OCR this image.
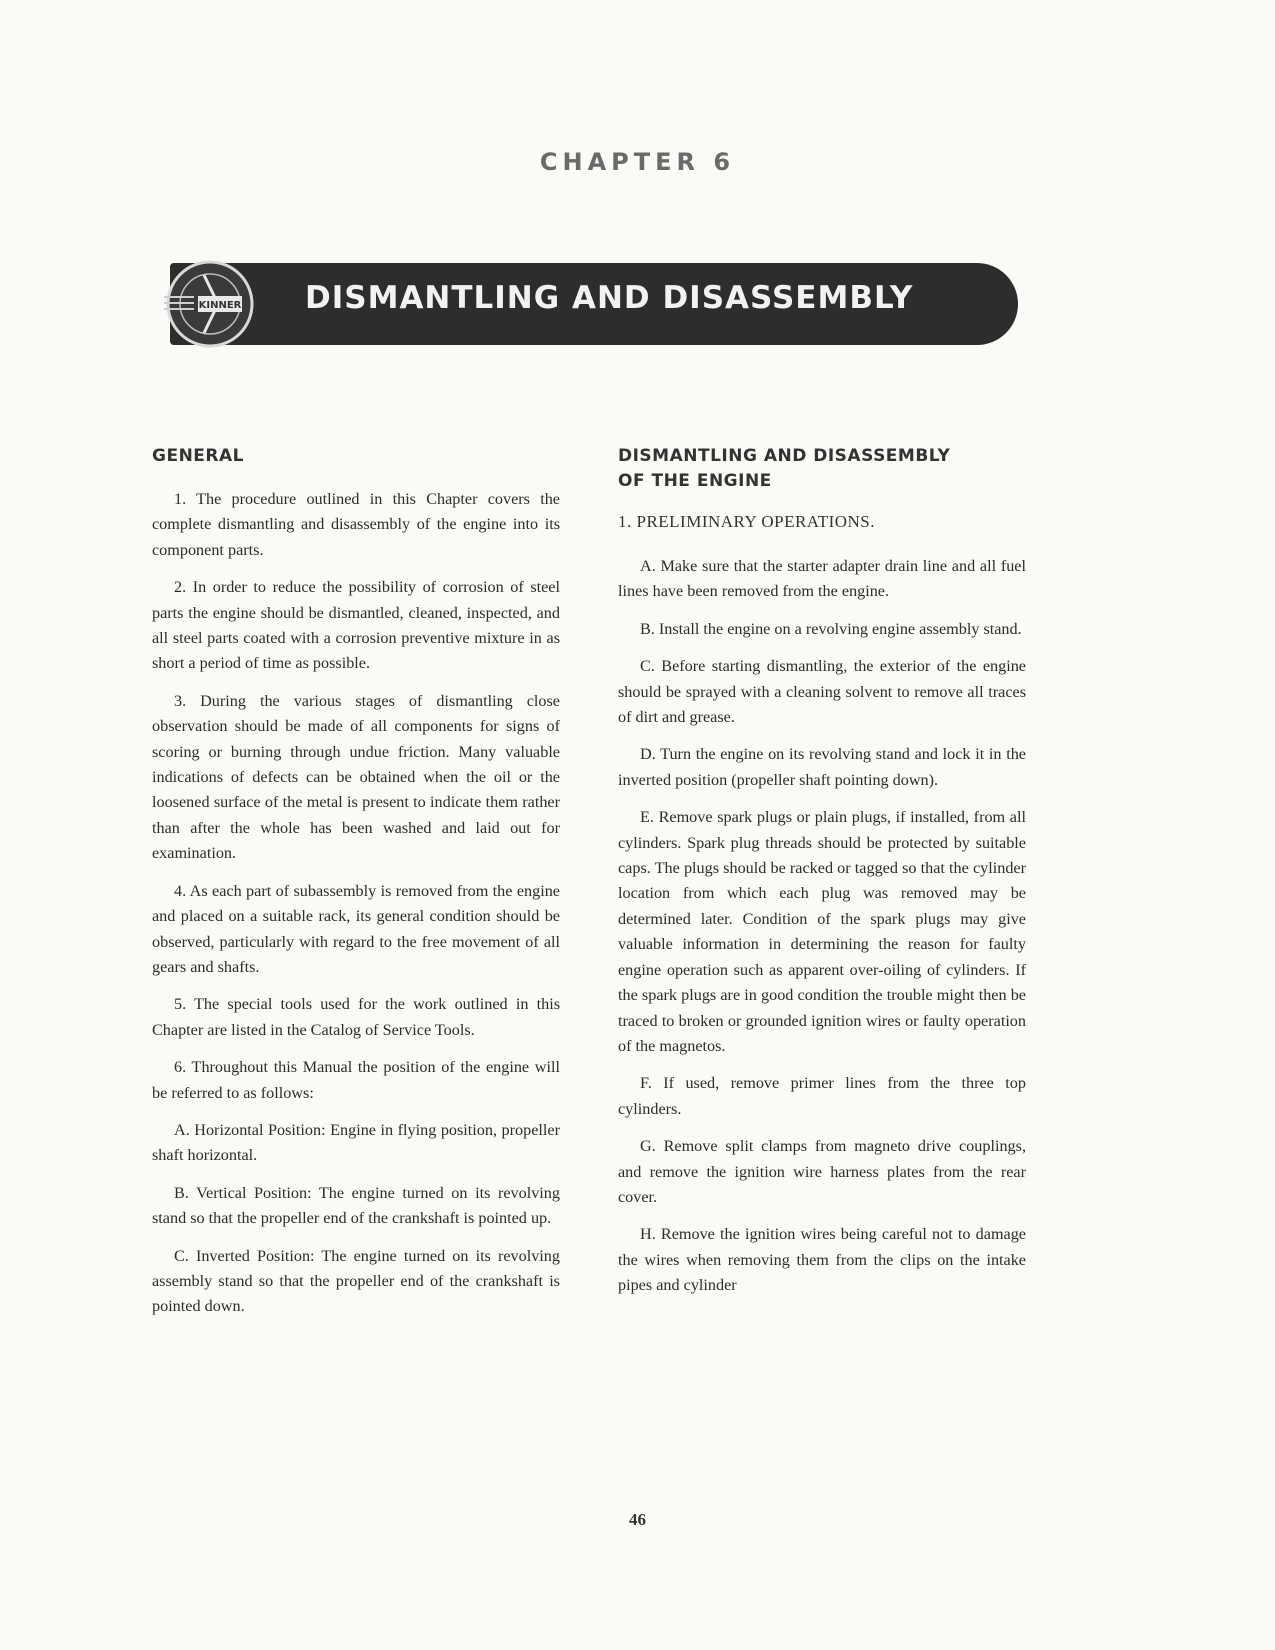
CHAPTER 6
KINNER DISMANTLING AND DISASSEMBLY
GENERAL

1. The procedure outlined in this Chapter covers the complete dismantling and disassembly of the engine into its component parts.

2. In order to reduce the possibility of corrosion of steel parts the engine should be dismantled, cleaned, inspected, and all steel parts coated with a corrosion preventive mixture in as short a period of time as possible.

3. During the various stages of dismantling close observation should be made of all components for signs of scoring or burning through undue friction. Many valuable indications of defects can be obtained when the oil or the loosened surface of the metal is present to indicate them rather than after the whole has been washed and laid out for examination.

4. As each part of subassembly is removed from the engine and placed on a suitable rack, its general condition should be observed, particularly with regard to the free movement of all gears and shafts.

5. The special tools used for the work outlined in this Chapter are listed in the Catalog of Service Tools.

6. Throughout this Manual the position of the engine will be referred to as follows:

A. Horizontal Position: Engine in flying position, propeller shaft horizontal.

B. Vertical Position: The engine turned on its revolving stand so that the propeller end of the crankshaft is pointed up.

C. Inverted Position: The engine turned on its revolving assembly stand so that the propeller end of the crankshaft is pointed down.

DISMANTLING AND DISASSEMBLY
OF THE ENGINE
1. PRELIMINARY OPERATIONS.

A. Make sure that the starter adapter drain line and all fuel lines have been removed from the engine.

B. Install the engine on a revolving engine assembly stand.

C. Before starting dismantling, the exterior of the engine should be sprayed with a cleaning solvent to remove all traces of dirt and grease.

D. Turn the engine on its revolving stand and lock it in the inverted position (propeller shaft pointing down).

E. Remove spark plugs or plain plugs, if installed, from all cylinders. Spark plug threads should be protected by suitable caps. The plugs should be racked or tagged so that the cylinder location from which each plug was removed may be determined later. Condition of the spark plugs may give valuable information in determining the reason for faulty engine operation such as apparent over-oiling of cylinders. If the spark plugs are in good condition the trouble might then be traced to broken or grounded ignition wires or faulty operation of the magnetos.

F. If used, remove primer lines from the three top cylinders.

G. Remove split clamps from magneto drive couplings, and remove the ignition wire harness plates from the rear cover.

H. Remove the ignition wires being careful not to damage the wires when removing them from the clips on the intake pipes and cylinder

46
